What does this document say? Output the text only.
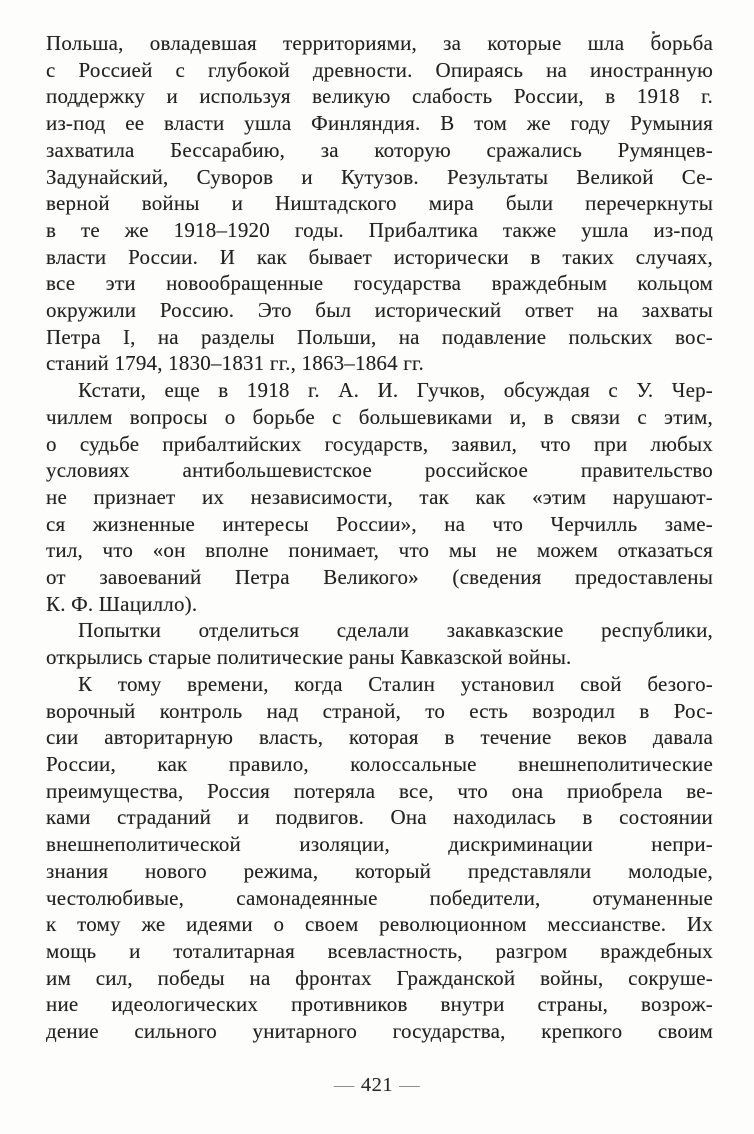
Польша, овладевшая территориями, за которые шла борьба
с Россией с глубокой древности. Опираясь на иностранную
поддержку и используя великую слабость России, в 1918 г.
из-под ее власти ушла Финляндия. В том же году Румыния
захватила Бессарабию, за которую сражались Румянцев-
Задунайский, Суворов и Кутузов. Результаты Великой Се-
верной войны и Ништадского мира были перечеркнуты
в те же 1918–1920 годы. Прибалтика также ушла из-под
власти России. И как бывает исторически в таких случаях,
все эти новообращенные государства враждебным кольцом
окружили Россию. Это был исторический ответ на захваты
Петра I, на разделы Польши, на подавление польских вос-
станий 1794, 1830–1831 гг., 1863–1864 гг.

Кстати, еще в 1918 г. А. И. Гучков, обсуждая с У. Чер-
чиллем вопросы о борьбе с большевиками и, в связи с этим,
о судьбе прибалтийских государств, заявил, что при любых
условиях антибольшевистское российское правительство
не признает их независимости, так как «этим нарушают-
ся жизненные интересы России», на что Черчилль заме-
тил, что «он вполне понимает, что мы не можем отказаться
от завоеваний Петра Великого» (сведения предоставлены
К. Ф. Шацилло).

Попытки отделиться сделали закавказские республики,
открылись старые политические раны Кавказской войны.

К тому времени, когда Сталин установил свой безого-
ворочный контроль над страной, то есть возродил в Рос-
сии авторитарную власть, которая в течение веков давала
России, как правило, колоссальные внешнеполитические
преимущества, Россия потеряла все, что она приобрела ве-
ками страданий и подвигов. Она находилась в состоянии
внешнеполитической изоляции, дискриминации непри-
знания нового режима, который представляли молодые,
честолюбивые, самонадеянные победители, отуманенные
к тому же идеями о своем революционном мессианстве. Их
мощь и тоталитарная всевластность, разгром враждебных
им сил, победы на фронтах Гражданской войны, сокруше-
ние идеологических противников внутри страны, возрож-
дение сильного унитарного государства, крепкого своим

— 421 —
